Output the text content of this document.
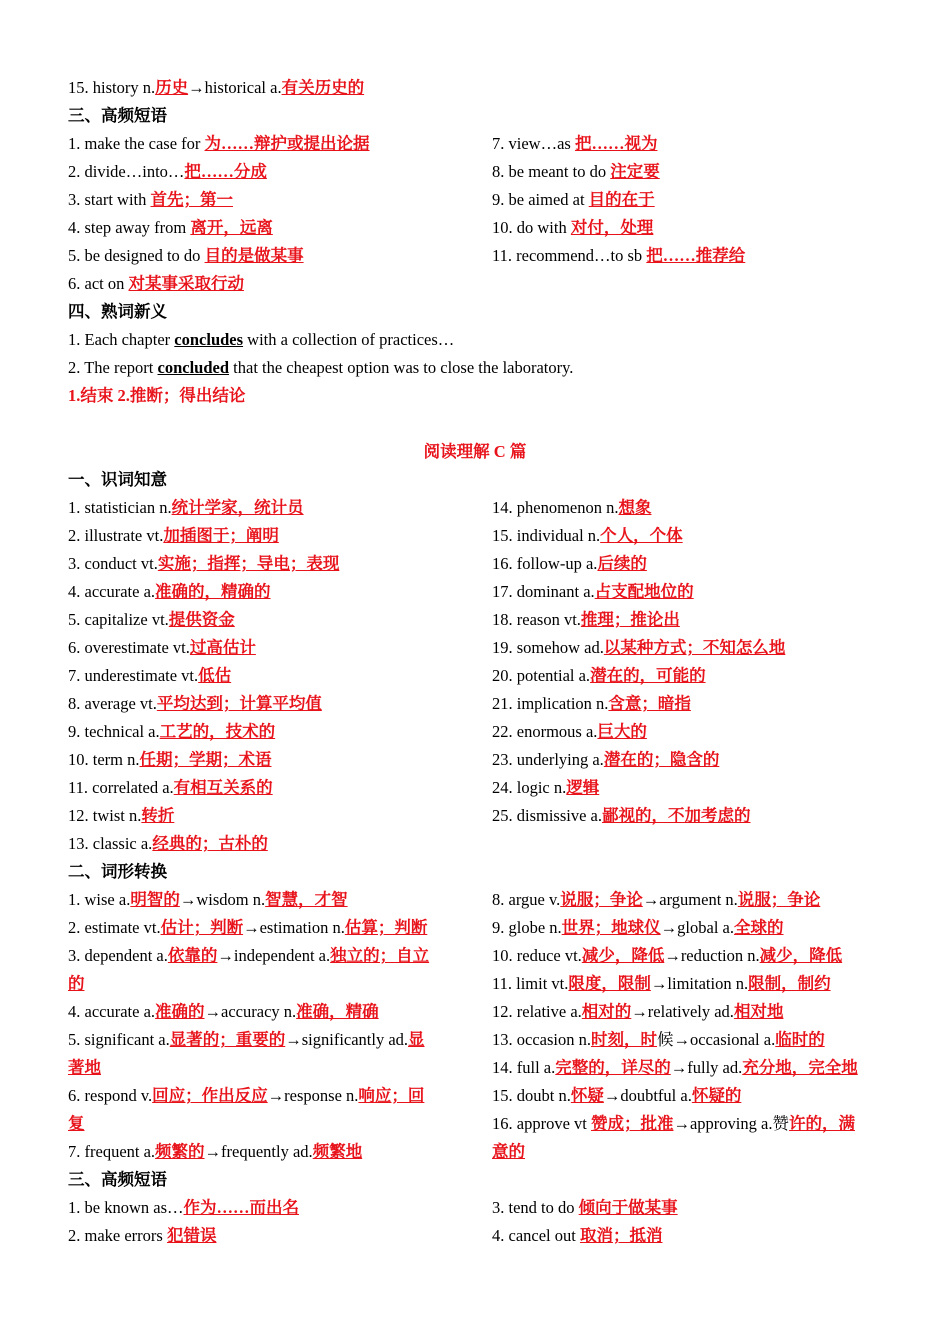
15. history n.历史→historical a.有关历史的
三、高频短语
1. make the case for 为……辩护或提出论据
2. divide…into…把……分成
3. start with 首先；第一
4. step away from 离开，远离
5. be designed to do 目的是做某事
6. act on 对某事采取行动
7. view…as 把……视为
8. be meant to do 注定要
9. be aimed at 目的在于
10. do with 对付，处理
11. recommend…to sb 把……推荐给
四、熟词新义
1. Each chapter concludes with a collection of practices…
2. The report concluded that the cheapest option was to close the laboratory.
1.结束 2.推断；得出结论
阅读理解 C 篇
一、识词知意
1. statistician n.统计学家，统计员
2. illustrate vt.加插图于；阐明
3. conduct vt.实施；指挥；导电；表现
4. accurate a.准确的，精确的
5. capitalize vt.提供资金
6. overestimate vt.过高估计
7. underestimate vt.低估
8. average vt.平均达到；计算平均值
9. technical a.工艺的，技术的
10. term n.任期；学期；术语
11. correlated a.有相互关系的
12. twist n.转折
13. classic a.经典的；古朴的
14. phenomenon n.想象
15. individual n.个人，个体
16. follow-up a.后续的
17. dominant a.占支配地位的
18. reason vt.推理；推论出
19. somehow ad.以某种方式；不知怎么地
20. potential a.潜在的，可能的
21. implication n.含意；暗指
22. enormous a.巨大的
23. underlying a.潜在的；隐含的
24. logic n.逻辑
25. dismissive a.鄙视的，不加考虑的
二、词形转换
1. wise a.明智的→wisdom n.智慧，才智
2. estimate vt.估计；判断→estimation n.估算；判断
3. dependent a.依靠的→independent a.独立的；自立
的
4. accurate a.准确的→accuracy n.准确，精确
5. significant a.显著的；重要的→significantly ad.显
著地
6. respond v.回应；作出反应→response n.响应；回
复
7. frequent a.频繁的→frequently ad.频繁地
8. argue v.说服；争论→argument n.说服；争论
9. globe n.世界；地球仪→global a.全球的
10. reduce vt.减少，降低→reduction n.减少，降低
11. limit vt.限度，限制→limitation n.限制，制约
12. relative a.相对的→relatively ad.相对地
13. occasion n.时刻，时候→occasional a.临时的
14. full a.完整的，详尽的→fully ad.充分地，完全地
15. doubt n.怀疑→doubtful a.怀疑的
16. approve vt 赞成；批准→approving a.赞许的，满
意的
三、高频短语
1. be known as…作为……而出名
2. make errors 犯错误
3. tend to do 倾向于做某事
4. cancel out 取消；抵消
